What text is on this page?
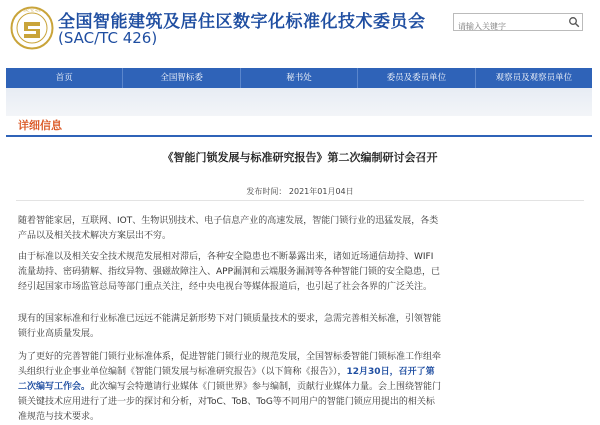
SAC TC 426
全国智能建筑及居住区数字化标准化技术委员会
(SAC/TC 426)
请输入关键字
首页	全国智标委	秘书处	委员及委员单位	观察员及观察员单位
详细信息
《智能门锁发展与标准研究报告》第二次编制研讨会召开
发布时间： 2021年01月04日
随着智能家居，互联网、IOT、生物识别技术、电子信息产业的高速发展，智能门锁行业的迅猛发展，各类产品以及相关技术解决方案层出不穷。
由于标准以及相关安全技术规范发展相对滞后，各种安全隐患也不断暴露出来，诸如近场通信劫持、WIFI流量劫持、密码猜解、指纹异物、强磁故障注入、APP漏洞和云端服务漏洞等各种智能门锁的安全隐患，已经引起国家市场监管总局等部门重点关注，经中央电视台等媒体报道后，也引起了社会各界的广泛关注。
现有的国家标准和行业标准已远远不能满足新形势下对门锁质量技术的要求，急需完善相关标准，引领智能锁行业高质量发展。
为了更好的完善智能门锁行业标准体系，促进智能门锁行业的规范发展，全国智标委智能门锁标准工作组牵头组织行业企事业单位编制《智能门锁发展与标准研究报告》（以下简称《报告》），12月30日，召开了第二次编写工作会。此次编写会特邀请行业媒体《门锁世界》参与编制，贡献行业媒体力量。会上围绕智能门锁关键技术应用进行了进一步的探讨和分析，对ToC、ToB、ToG等不同用户的智能门锁应用提出的相关标准规范与技术要求。
